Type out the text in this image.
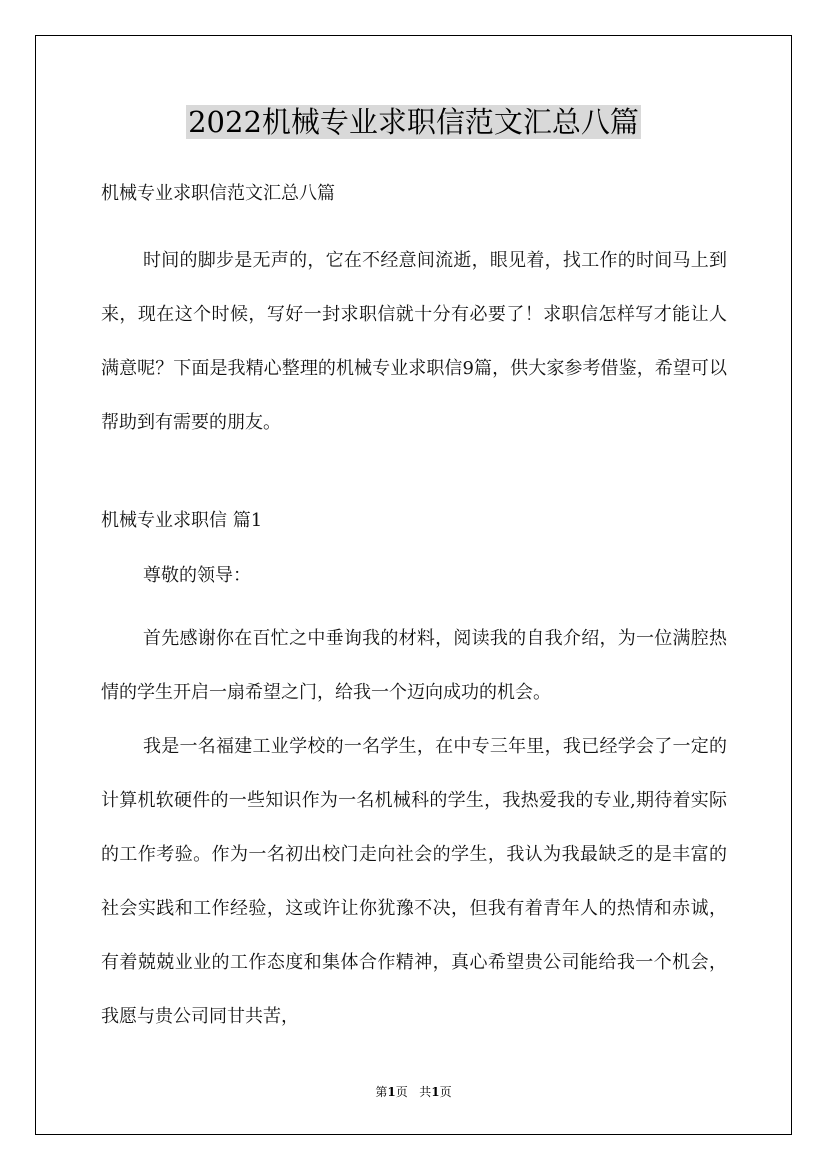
2022机械专业求职信范文汇总八篇
机械专业求职信范文汇总八篇
时间的脚步是无声的，它在不经意间流逝，眼见着，找工作的时间马上到来，现在这个时候，写好一封求职信就十分有必要了！求职信怎样写才能让人满意呢？下面是我精心整理的机械专业求职信9篇，供大家参考借鉴，希望可以帮助到有需要的朋友。
机械专业求职信 篇1
尊敬的领导：
首先感谢你在百忙之中垂询我的材料，阅读我的自我介绍，为一位满腔热情的学生开启一扇希望之门，给我一个迈向成功的机会。
我是一名福建工业学校的一名学生，在中专三年里，我已经学会了一定的计算机软硬件的一些知识作为一名机械科的学生，我热爱我的专业,期待着实际的工作考验。作为一名初出校门走向社会的学生，我认为我最缺乏的是丰富的社会实践和工作经验，这或许让你犹豫不决，但我有着青年人的热情和赤诚，有着兢兢业业的工作态度和集体合作精神，真心希望贵公司能给我一个机会，我愿与贵公司同甘共苦，
第1页 共1页
